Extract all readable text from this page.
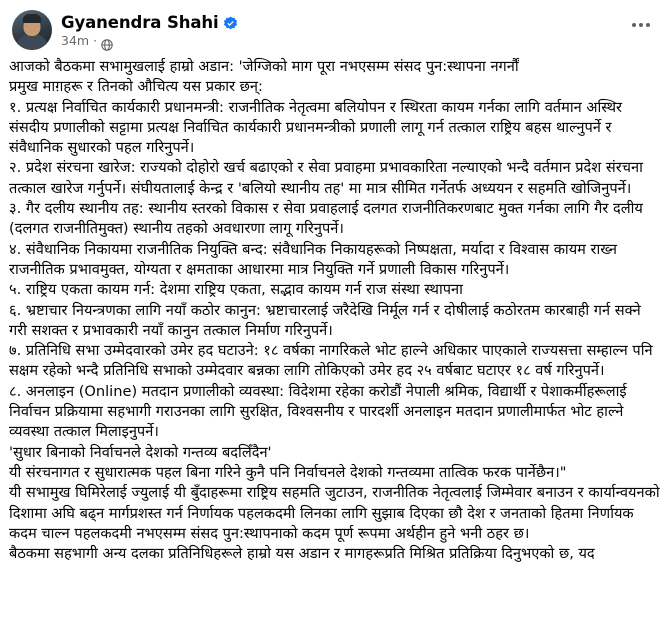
Gyanendra Shahi
34m ·

आजको बैठकमा सभामुखलाई हाम्रो अडान: 'जेग्जिको माग पूरा नभएसम्म संसद पुन:स्थापना नगर्नौं

प्रमुख माग़हरू र तिनको औचित्य यस प्रकार छन्:

१. प्रत्यक्ष निर्वाचित कार्यकारी प्रधानमन्त्री: राजनीतिक नेतृत्वमा बलियोपन र स्थिरता कायम गर्नका लागि वर्तमान अस्थिर संसदीय प्रणालीको सट्टामा प्रत्यक्ष निर्वाचित कार्यकारी प्रधानमन्त्रीको प्रणाली लागू गर्न तत्काल राष्ट्रिय बहस थाल्नुपर्ने र संवैधानिक सुधारको पहल गरिनुपर्ने।

२. प्रदेश संरचना खारेज: राज्यको दोहोरो खर्च बढाएको र सेवा प्रवाहमा प्रभावकारिता नल्याएको भन्दै वर्तमान प्रदेश संरचना तत्काल खारेज गर्नुपर्ने। संघीयतालाई केन्द्र र 'बलियो स्थानीय तह' मा मात्र सीमित गर्नेतर्फ अध्ययन र सहमति खोजिनुपर्ने।

३. गैर दलीय स्थानीय तह: स्थानीय स्तरको विकास र सेवा प्रवाहलाई दलगत राजनीतिकरणबाट मुक्त गर्नका लागि गैर दलीय (दलगत राजनीतिमुक्त) स्थानीय तहको अवधारणा लागू गरिनुपर्ने।

४. संवैधानिक निकायमा राजनीतिक नियुक्ति बन्द: संवैधानिक निकायहरूको निष्पक्षता, मर्यादा र विश्वास कायम राख्न राजनीतिक प्रभावमुक्त, योग्यता र क्षमताका आधारमा मात्र नियुक्ति गर्ने प्रणाली विकास गरिनुपर्ने।

५. राष्ट्रिय एकता कायम गर्न: देशमा राष्ट्रिय एकता, सद्भाव कायम गर्न राज संस्था स्थापना

६. भ्रष्टाचार नियन्त्रणका लागि नयाँ कठोर कानुन: भ्रष्टाचारलाई जरैदेखि निर्मूल गर्न र दोषीलाई कठोरतम कारबाही गर्न सक्ने गरी सशक्त र प्रभावकारी नयाँ कानुन तत्काल निर्माण गरिनुपर्ने।

७. प्रतिनिधि सभा उम्मेदवारको उमेर हद घटाउने: १८ वर्षका नागरिकले भोट हाल्ने अधिकार पाएकाले राज्यसत्ता सम्हाल्न पनि सक्षम रहेको भन्दै प्रतिनिधि सभाको उम्मेदवार बन्नका लागि तोकिएको उमेर हद २५ वर्षबाट घटाएर १८ वर्ष गरिनुपर्ने।

८. अनलाइन (Online) मतदान प्रणालीको व्यवस्था: विदेशमा रहेका करोडौं नेपाली श्रमिक, विद्यार्थी र पेशाकर्मीहरूलाई निर्वाचन प्रक्रियामा सहभागी गराउनका लागि सुरक्षित, विश्वसनीय र पारदर्शी अनलाइन मतदान प्रणालीमार्फत भोट हाल्ने व्यवस्था तत्काल मिलाइनुपर्ने।

'सुधार बिनाको निर्वाचनले देशको गन्तव्य बदलिँदैन'

यी संरचनागत र सुधारात्मक पहल बिना गरिने कुनै पनि निर्वाचनले देशको गन्तव्यमा तात्विक फरक पार्नेछैन।"

यी सभामुख घिमिरेलाई ज्युलाई यी बुँदाहरूमा राष्ट्रिय सहमति जुटाउन, राजनीतिक नेतृत्वलाई जिम्मेवार बनाउन र कार्यान्वयनको दिशामा अघि बढ्न मार्गप्रशस्त गर्न निर्णायक पहलकदमी लिनका लागि सुझाब दिएका छौ देश र जनताको हितमा निर्णायक कदम चाल्न पहलकदमी नभएसम्म संसद पुन:स्थापनाको कदम पूर्ण रूपमा अर्थहीन हुने भनी ठहर छ।

बैठकमा सहभागी अन्य दलका प्रतिनिधिहरूले हाम्रो यस अडान र मागहरूप्रति मिश्रित प्रतिक्रिया दिनुभएको छ, यद
